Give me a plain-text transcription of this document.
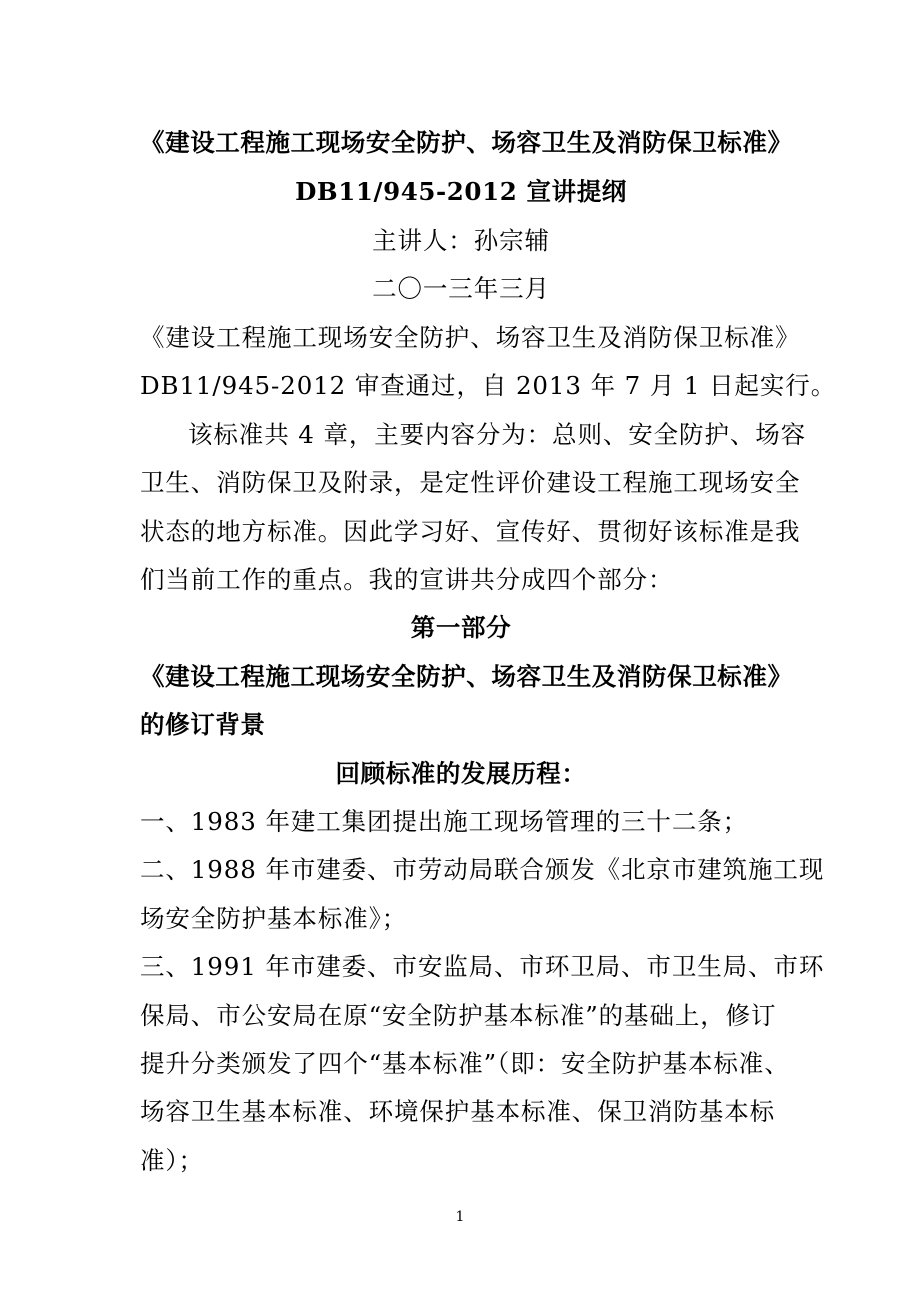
《建设工程施工现场安全防护、场容卫生及消防保卫标准》
DB11/945-2012 宣讲提纲
主讲人：孙宗辅
二〇一三年三月
《建设工程施工现场安全防护、场容卫生及消防保卫标准》
DB11/945-2012 审查通过，自 2013 年 7 月 1 日起实行。
该标准共 4 章，主要内容分为：总则、安全防护、场容
卫生、消防保卫及附录，是定性评价建设工程施工现场安全
状态的地方标准。因此学习好、宣传好、贯彻好该标准是我
们当前工作的重点。我的宣讲共分成四个部分：
第一部分
《建设工程施工现场安全防护、场容卫生及消防保卫标准》
的修订背景
回顾标准的发展历程：
一、1983 年建工集团提出施工现场管理的三十二条；
二、1988 年市建委、市劳动局联合颁发《北京市建筑施工现
场安全防护基本标准》；
三、1991 年市建委、市安监局、市环卫局、市卫生局、市环
保局、市公安局在原“安全防护基本标准”的基础上，修订
提升分类颁发了四个“基本标准”（即：安全防护基本标准、
场容卫生基本标准、环境保护基本标准、保卫消防基本标
准）；
1
